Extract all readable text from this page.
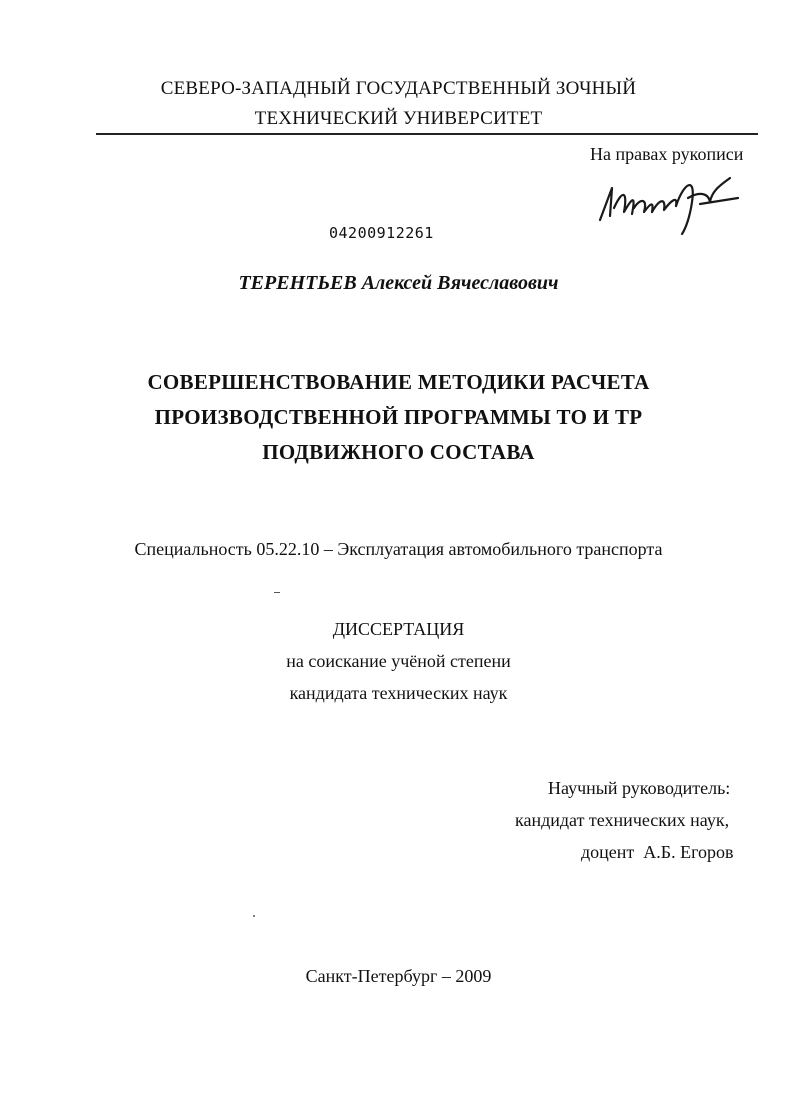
СЕВЕРО-ЗАПАДНЫЙ ГОСУДАРСТВЕННЫЙ ЗОЧНЫЙ
ТЕХНИЧЕСКИЙ УНИВЕРСИТЕТ
На правах рукописи
04200912261
ТЕРЕНТЬЕВ Алексей Вячеславович
СОВЕРШЕНСТВОВАНИЕ МЕТОДИКИ РАСЧЕТА
ПРОИЗВОДСТВЕННОЙ ПРОГРАММЫ ТО И ТР
ПОДВИЖНОГО СОСТАВА
Специальность 05.22.10 – Эксплуатация автомобильного транспорта
ДИССЕРТАЦИЯ
на соискание учёной степени
кандидата технических наук
Научный руководитель:
кандидат технических наук,
доцент  А.Б. Егоров
Санкт-Петербург – 2009
